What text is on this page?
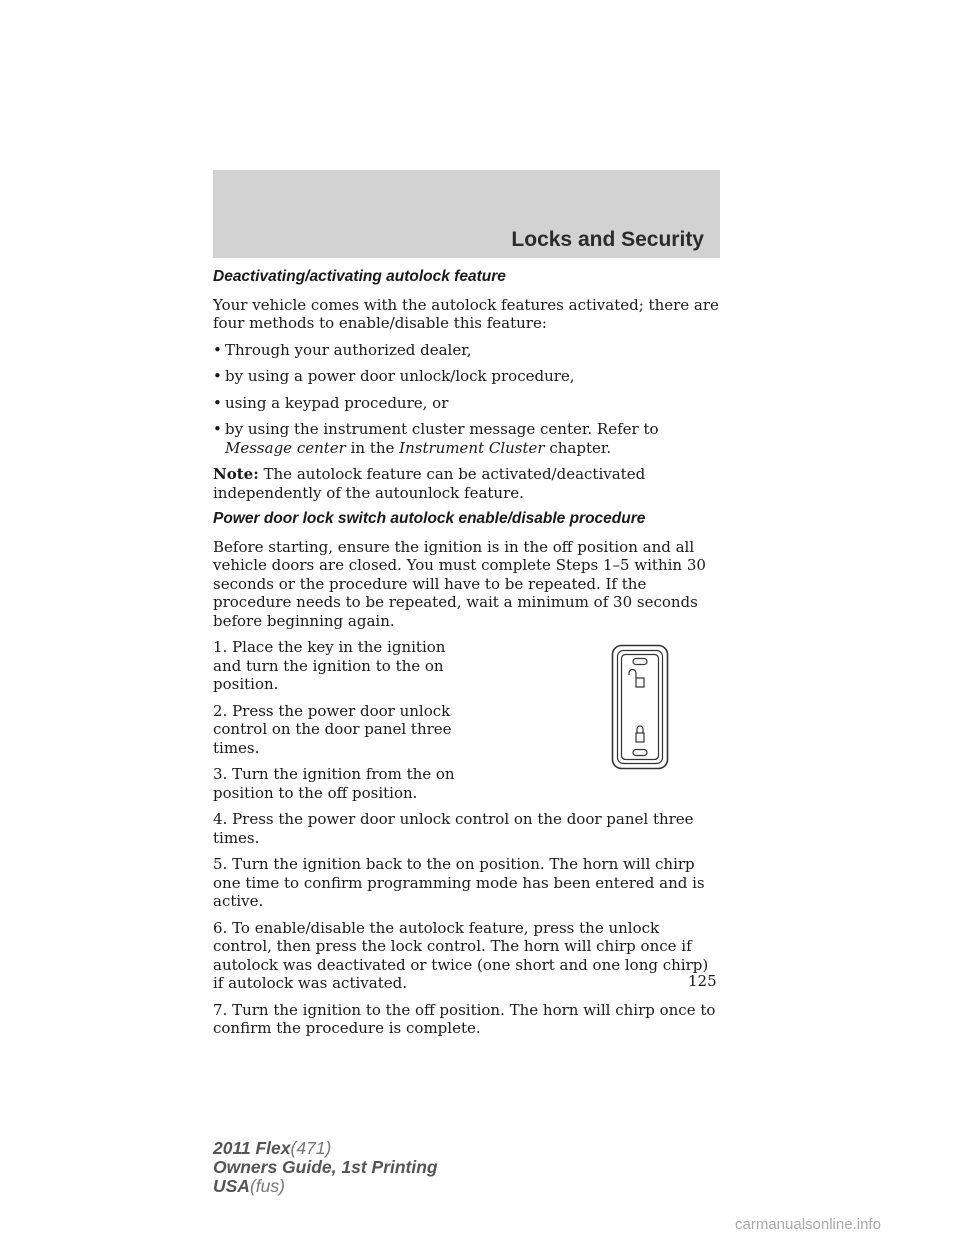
Locks and Security
Deactivating/activating autolock feature

Your vehicle comes with the autolock features activated; there are four methods to enable/disable this feature:

• Through your authorized dealer,
• by using a power door unlock/lock procedure,
• using a keypad procedure, or
• by using the instrument cluster message center. Refer to Message center in the Instrument Cluster chapter.

Note: The autolock feature can be activated/deactivated independently of the autounlock feature.

Power door lock switch autolock enable/disable procedure

Before starting, ensure the ignition is in the off position and all vehicle doors are closed. You must complete Steps 1–5 within 30 seconds or the procedure will have to be repeated. If the procedure needs to be repeated, wait a minimum of 30 seconds before beginning again.

1. Place the key in the ignition and turn the ignition to the on position.

2. Press the power door unlock control on the door panel three times.

3. Turn the ignition from the on position to the off position.

4. Press the power door unlock control on the door panel three times.

5. Turn the ignition back to the on position. The horn will chirp one time to confirm programming mode has been entered and is active.

6. To enable/disable the autolock feature, press the unlock control, then press the lock control. The horn will chirp once if autolock was deactivated or twice (one short and one long chirp) if autolock was activated.

7. Turn the ignition to the off position. The horn will chirp once to confirm the procedure is complete.

125
2011 Flex(471)
Owners Guide, 1st Printing
USA(fus)
carmanualsonline.info
